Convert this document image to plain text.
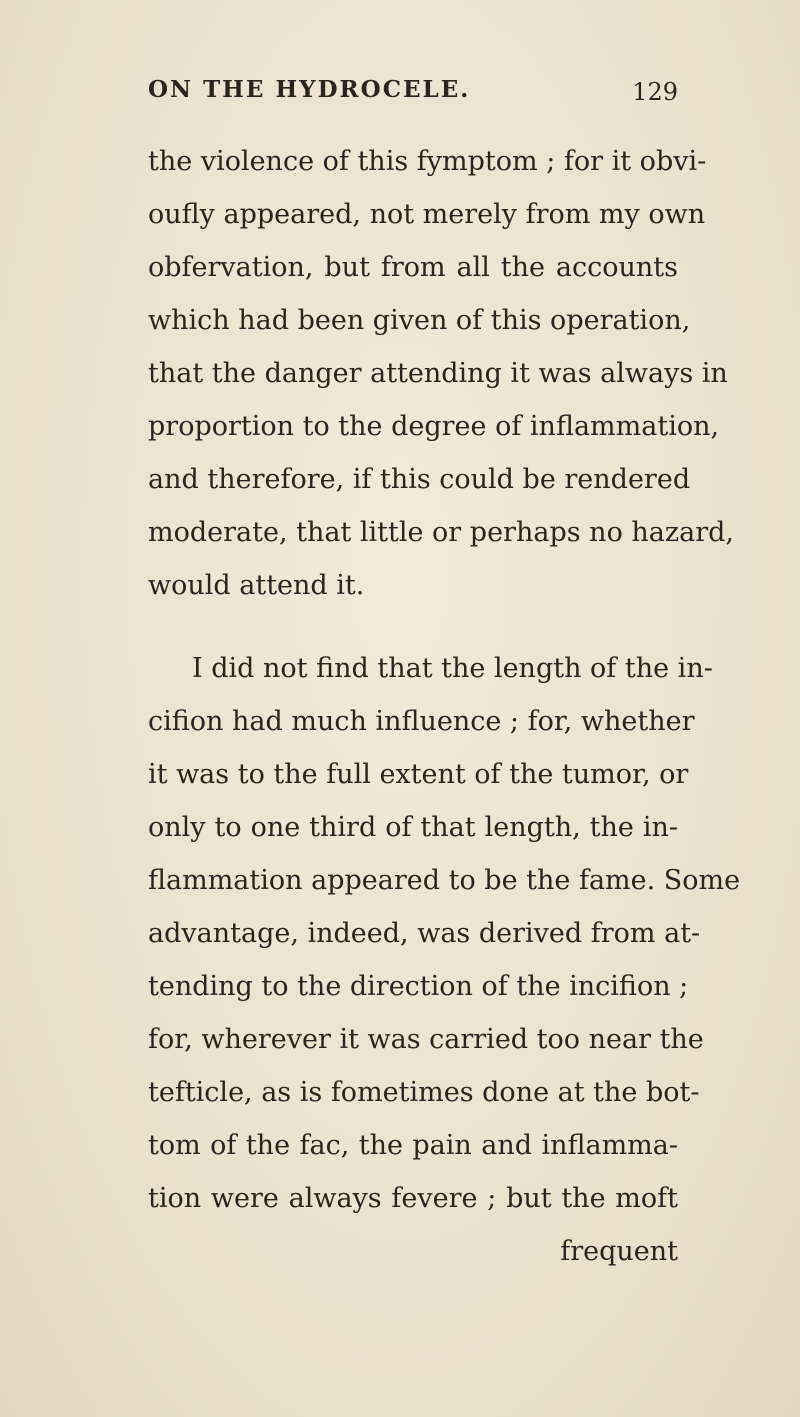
ON THE HYDROCELE.	129
the violence of this fymptom ; for it obvi-
oufly appeared, not merely from my own
obfervation, but from all the accounts
which had been given of this operation,
that the danger attending it was always in
proportion to the degree of inflammation,
and therefore, if this could be rendered
moderate, that little or perhaps no hazard,
would attend it.
I did not find that the length of the in-
cifion had much influence ; for, whether
it was to the full extent of the tumor, or
only to one third of that length, the in-
flammation appeared to be the fame. Some
advantage, indeed, was derived from at-
tending to the direction of the incifion ;
for, wherever it was carried too near the
tefticle, as is fometimes done at the bot-
tom of the fac, the pain and inflamma-
tion were always fevere ; but the moft
frequent
